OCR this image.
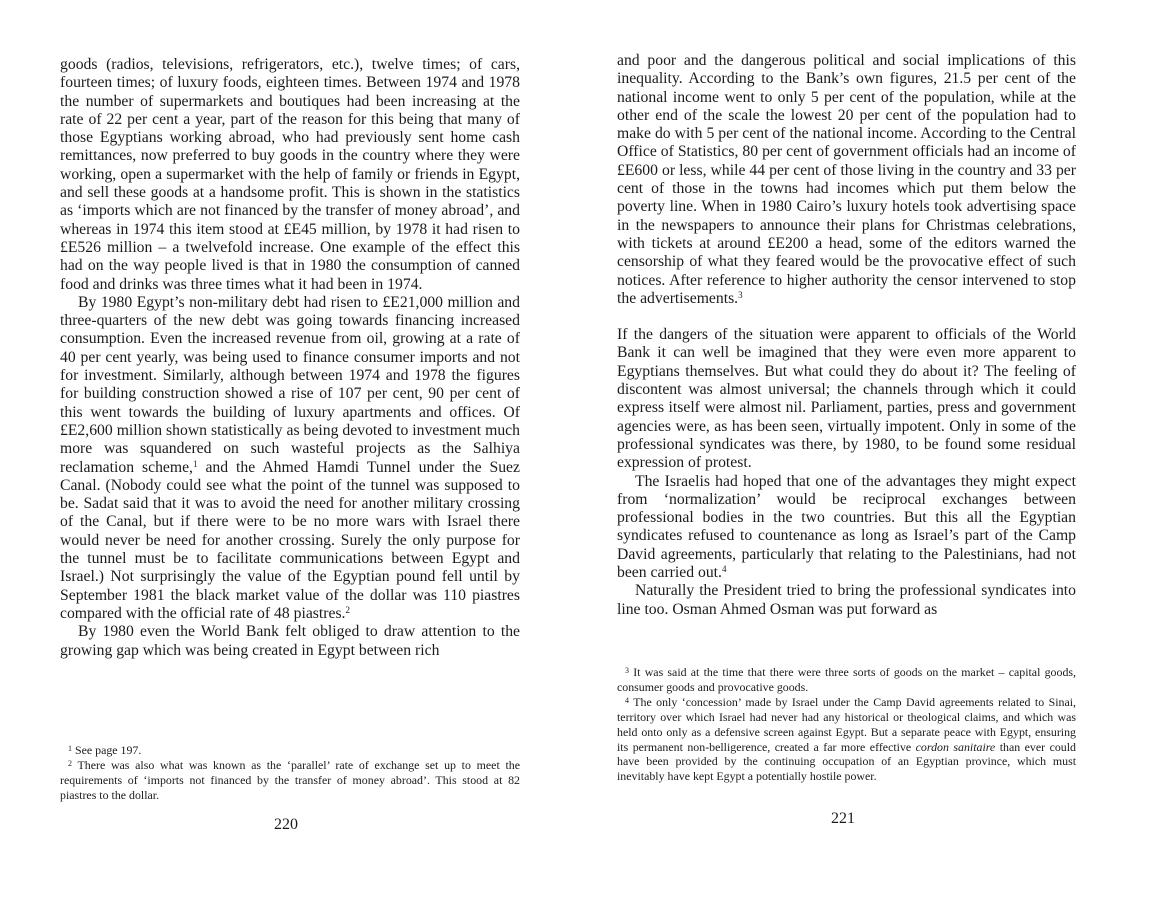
goods (radios, televisions, refrigerators, etc.), twelve times; of cars, fourteen times; of luxury foods, eighteen times. Between 1974 and 1978 the number of supermarkets and boutiques had been increasing at the rate of 22 per cent a year, part of the reason for this being that many of those Egyptians working abroad, who had previously sent home cash remittances, now preferred to buy goods in the country where they were working, open a supermarket with the help of family or friends in Egypt, and sell these goods at a handsome profit. This is shown in the statistics as ‘imports which are not financed by the transfer of money abroad’, and whereas in 1974 this item stood at £E45 million, by 1978 it had risen to £E526 million – a twelvefold increase. One example of the effect this had on the way people lived is that in 1980 the consumption of canned food and drinks was three times what it had been in 1974.

By 1980 Egypt’s non-military debt had risen to £E21,000 million and three-quarters of the new debt was going towards financing increased consumption. Even the increased revenue from oil, growing at a rate of 40 per cent yearly, was being used to finance consumer imports and not for investment. Similarly, although between 1974 and 1978 the figures for building construction showed a rise of 107 per cent, 90 per cent of this went towards the building of luxury apartments and offices. Of £E2,600 million shown statistically as being devoted to investment much more was squandered on such wasteful projects as the Salhiya reclamation scheme,$^1$ and the Ahmed Hamdi Tunnel under the Suez Canal. (Nobody could see what the point of the tunnel was supposed to be. Sadat said that it was to avoid the need for another military crossing of the Canal, but if there were to be no more wars with Israel there would never be need for another crossing. Surely the only purpose for the tunnel must be to facilitate communications between Egypt and Israel.) Not surprisingly the value of the Egyptian pound fell until by September 1981 the black market value of the dollar was 110 piastres compared with the official rate of 48 piastres.$^2$

By 1980 even the World Bank felt obliged to draw attention to the growing gap which was being created in Egypt between rich

$^1$ See page 197.

$^2$ There was also what was known as the ‘parallel’ rate of exchange set up to meet the requirements of ‘imports not financed by the transfer of money abroad’. This stood at 82 piastres to the dollar.

220

and poor and the dangerous political and social implications of this inequality. According to the Bank’s own figures, 21.5 per cent of the national income went to only 5 per cent of the population, while at the other end of the scale the lowest 20 per cent of the population had to make do with 5 per cent of the national income. According to the Central Office of Statistics, 80 per cent of government officials had an income of £E600 or less, while 44 per cent of those living in the country and 33 per cent of those in the towns had incomes which put them below the poverty line. When in 1980 Cairo’s luxury hotels took advertising space in the newspapers to announce their plans for Christmas celebrations, with tickets at around £E200 a head, some of the editors warned the censorship of what they feared would be the provocative effect of such notices. After reference to higher authority the censor intervened to stop the advertisements.$^3$

If the dangers of the situation were apparent to officials of the World Bank it can well be imagined that they were even more apparent to Egyptians themselves. But what could they do about it? The feeling of discontent was almost universal; the channels through which it could express itself were almost nil. Parliament, parties, press and government agencies were, as has been seen, virtually impotent. Only in some of the professional syndicates was there, by 1980, to be found some residual expression of protest.

The Israelis had hoped that one of the advantages they might expect from ‘normalization’ would be reciprocal exchanges between professional bodies in the two countries. But this all the Egyptian syndicates refused to countenance as long as Israel’s part of the Camp David agreements, particularly that relating to the Palestinians, had not been carried out.$^4$

Naturally the President tried to bring the professional syndicates into line too. Osman Ahmed Osman was put forward as

$^3$ It was said at the time that there were three sorts of goods on the market – capital goods, consumer goods and provocative goods.

$^4$ The only ‘concession’ made by Israel under the Camp David agreements related to Sinai, territory over which Israel had never had any historical or theological claims, and which was held onto only as a defensive screen against Egypt. But a separate peace with Egypt, ensuring its permanent non-belligerence, created a far more effective cordon sanitaire than ever could have been provided by the continuing occupation of an Egyptian province, which must inevitably have kept Egypt a potentially hostile power.

221
